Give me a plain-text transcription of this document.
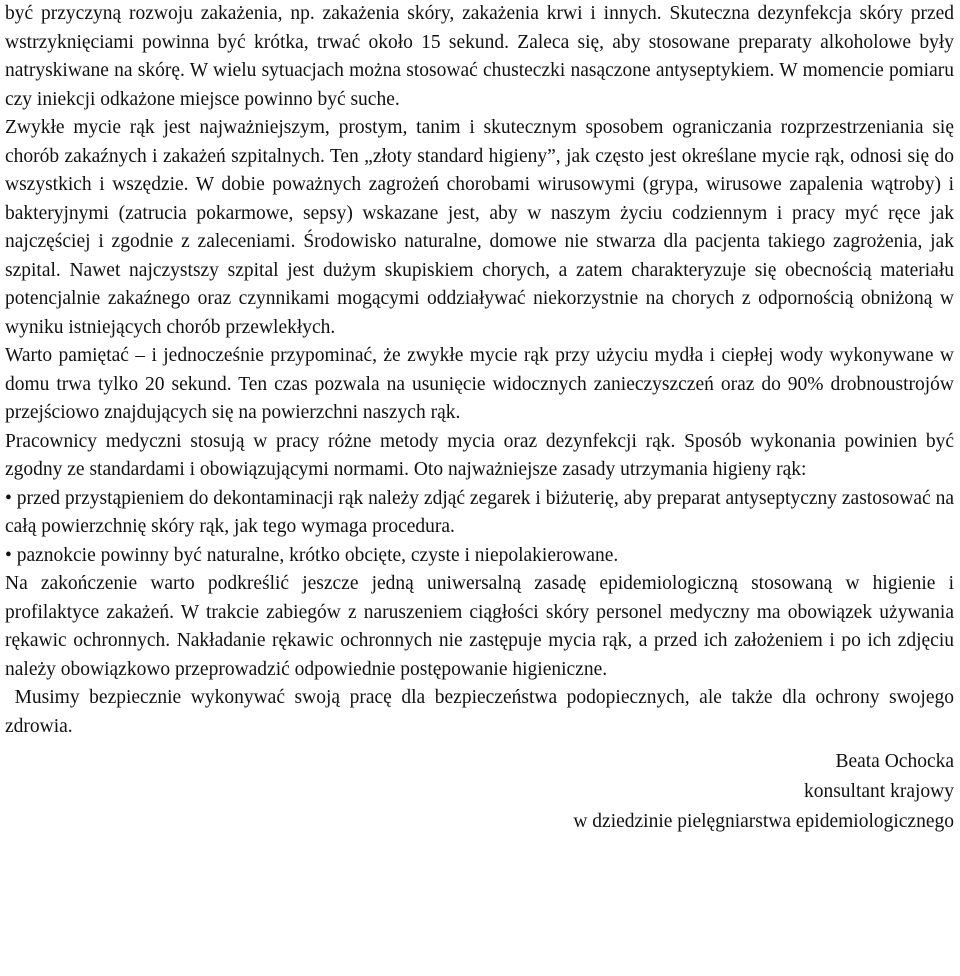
być przyczyną rozwoju zakażenia, np. zakażenia skóry, zakażenia krwi i innych. Skuteczna dezynfekcja skóry przed wstrzyknięciami powinna być krótka, trwać około 15 sekund. Zaleca się, aby stosowane preparaty alkoholowe były natryskiwane na skórę. W wielu sytuacjach można stosować chusteczki nasączone antyseptykiem. W momencie pomiaru czy iniekcji odkażone miejsce powinno być suche.

Zwykłe mycie rąk jest najważniejszym, prostym, tanim i skutecznym sposobem ograniczania rozprzestrzeniania się chorób zakaźnych i zakażeń szpitalnych. Ten „złoty standard higieny”, jak często jest określane mycie rąk, odnosi się do wszystkich i wszędzie. W dobie poważnych zagrożeń chorobami wirusowymi (grypa, wirusowe zapalenia wątroby) i bakteryjnymi (zatrucia pokarmowe, sepsy) wskazane jest, aby w naszym życiu codziennym i pracy myć ręce jak najczęściej i zgodnie z zaleceniami. Środowisko naturalne, domowe nie stwarza dla pacjenta takiego zagrożenia, jak szpital. Nawet najczystszy szpital jest dużym skupiskiem chorych, a zatem charakteryzuje się obecnością materiału potencjalnie zakaźnego oraz czynnikami mogącymi oddziaływać niekorzystnie na chorych z odpornością obniżoną w wyniku istniejących chorób przewlekłych.

Warto pamiętać – i jednocześnie przypominać, że zwykłe mycie rąk przy użyciu mydła i ciepłej wody wykonywane w domu trwa tylko 20 sekund. Ten czas pozwala na usunięcie widocznych zanieczyszczeń oraz do 90% drobnoustrojów przejściowo znajdujących się na powierzchni naszych rąk.

Pracownicy medyczni stosują w pracy różne metody mycia oraz dezynfekcji rąk. Sposób wykonania powinien być zgodny ze standardami i obowiązującymi normami. Oto najważniejsze zasady utrzymania higieny rąk:

• przed przystąpieniem do dekontaminacji rąk należy zdjąć zegarek i biżuterię, aby preparat antyseptyczny zastosować na całą powierzchnię skóry rąk, jak tego wymaga procedura.

• paznokcie powinny być naturalne, krótko obcięte, czyste i niepolakierowane.

Na zakończenie warto podkreślić jeszcze jedną uniwersalną zasadę epidemiologiczną stosowaną w higienie i profilaktyce zakażeń. W trakcie zabiegów z naruszeniem ciągłości skóry personel medyczny ma obowiązek używania rękawic ochronnych. Nakładanie rękawic ochronnych nie zastępuje mycia rąk, a przed ich założeniem i po ich zdjęciu należy obowiązkowo przeprowadzić odpowiednie postępowanie higieniczne.

Musimy bezpiecznie wykonywać swoją pracę dla bezpieczeństwa podopiecznych, ale także dla ochrony swojego zdrowia.

Beata Ochocka
konsultant krajowy
w dziedzinie pielęgniarstwa epidemiologicznego
